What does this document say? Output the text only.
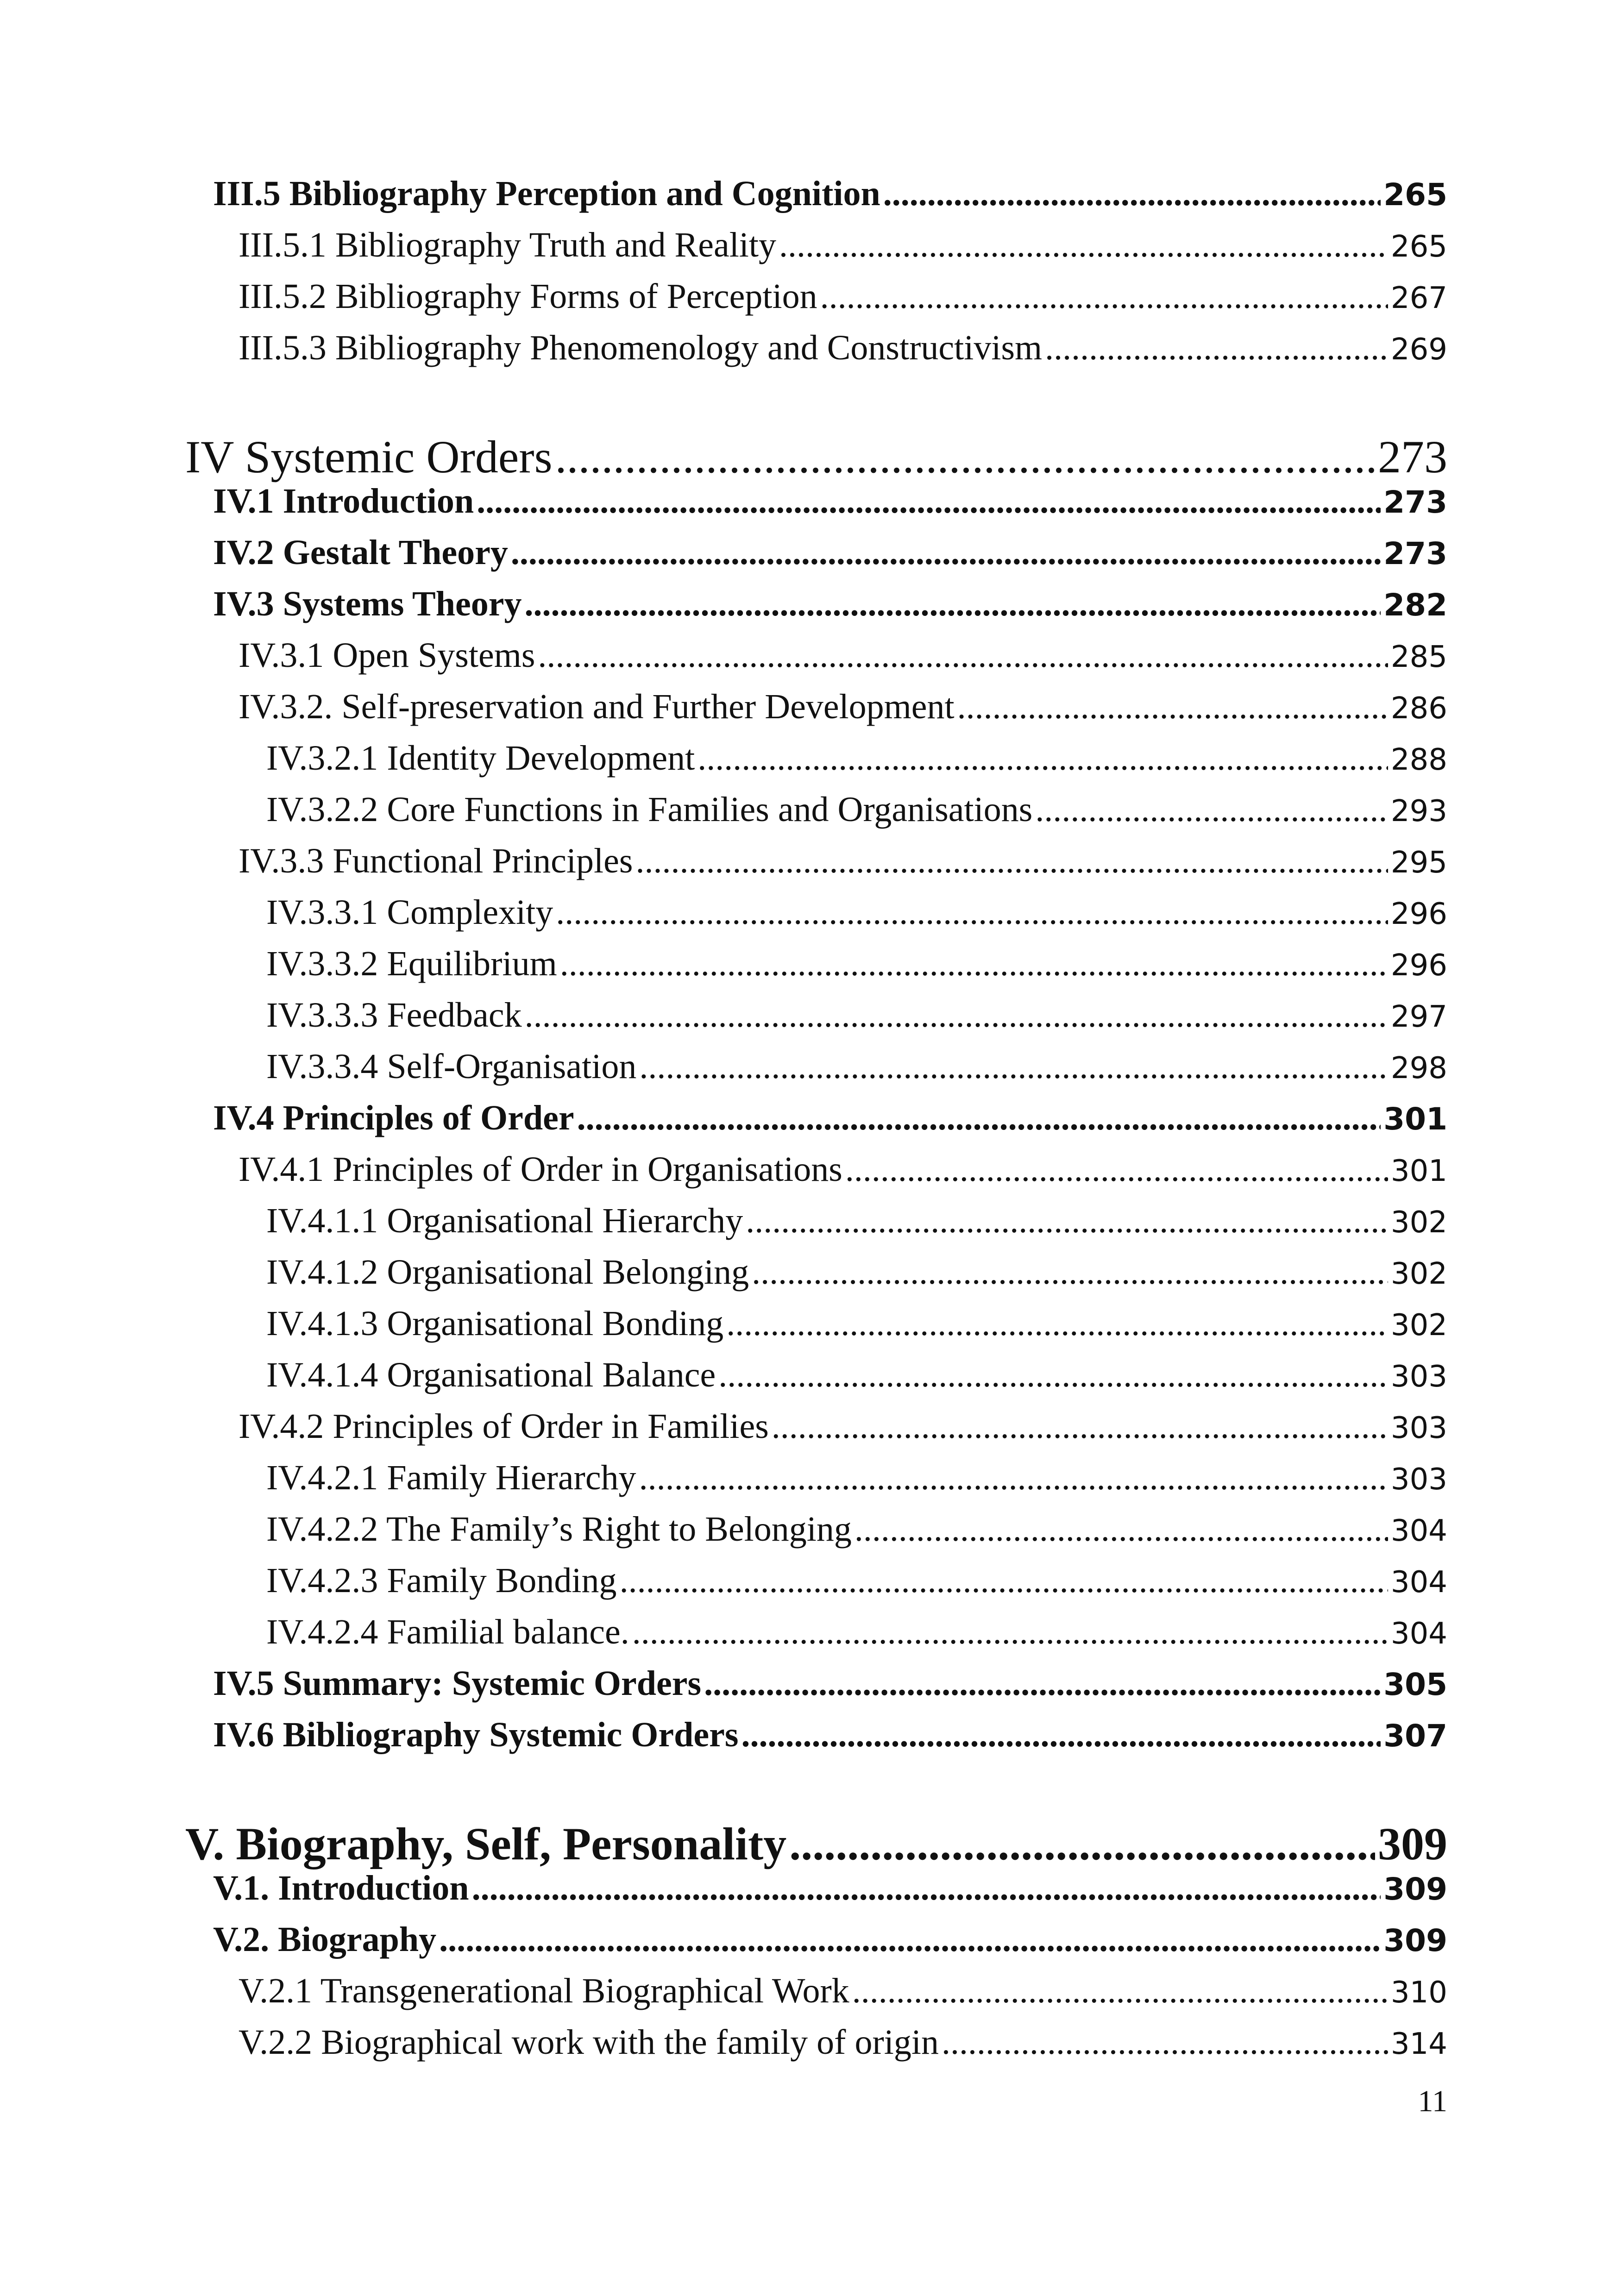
III.5 Bibliography Perception and Cognition .....	265
III.5.1 Bibliography Truth and Reality .....	265
III.5.2 Bibliography Forms of Perception .....	267
III.5.3 Bibliography Phenomenology and Constructivism .....	269
IV Systemic Orders .....	273
IV.1 Introduction .....	273
IV.2 Gestalt Theory .....	273
IV.3 Systems Theory .....	282
IV.3.1 Open Systems .....	285
IV.3.2. Self-preservation and Further Development .....	286
IV.3.2.1 Identity Development .....	288
IV.3.2.2 Core Functions in Families and Organisations .....	293
IV.3.3 Functional Principles .....	295
IV.3.3.1 Complexity .....	296
IV.3.3.2 Equilibrium .....	296
IV.3.3.3 Feedback .....	297
IV.3.3.4 Self-Organisation .....	298
IV.4 Principles of Order .....	301
IV.4.1 Principles of Order in Organisations .....	301
IV.4.1.1 Organisational Hierarchy .....	302
IV.4.1.2 Organisational Belonging .....	302
IV.4.1.3 Organisational Bonding .....	302
IV.4.1.4 Organisational Balance .....	303
IV.4.2 Principles of Order in Families .....	303
IV.4.2.1 Family Hierarchy .....	303
IV.4.2.2 The Family’s Right to Belonging .....	304
IV.4.2.3 Family Bonding .....	304
IV.4.2.4 Familial balance. .....	304
IV.5 Summary: Systemic Orders .....	305
IV.6 Bibliography Systemic Orders .....	307
V. Biography, Self, Personality .....	309
V.1. Introduction .....	309
V.2. Biography .....	309
V.2.1 Transgenerational Biographical Work .....	310
V.2.2 Biographical work with the family of origin .....	314
11
